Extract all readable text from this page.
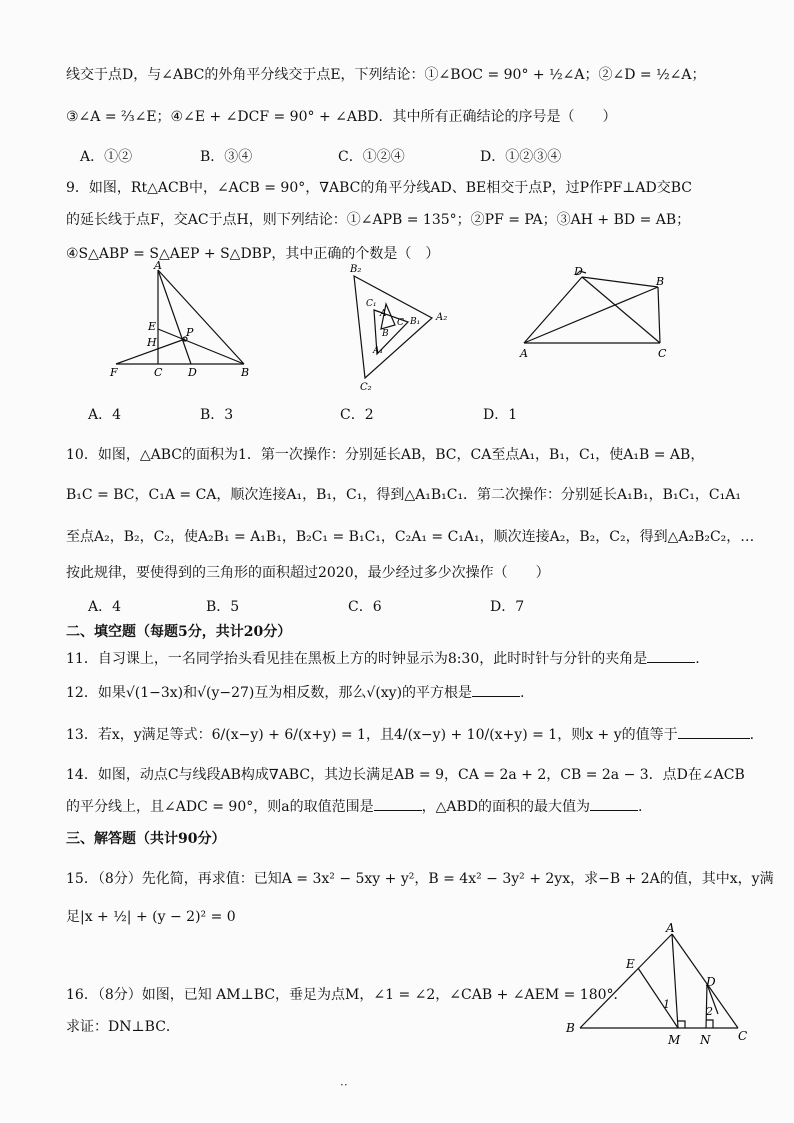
线交于点D，与∠ABC的外角平分线交于点E，下列结论：①∠BOC = 90° + ½∠A；②∠D = ½∠A；
③∠A = ⅔∠E；④∠E + ∠DCF = 90° + ∠ABD．其中所有正确结论的序号是（　　）
A．①②	B．③④	C．①②④	D．①②③④
9．如图，Rt△ACB中，∠ACB = 90°，∇ABC的角平分线AD、BE相交于点P，过P作PF⊥AD交BC
的延长线于点F，交AC于点H，则下列结论：①∠APB = 135°；②PF = PA；③AH + BD = AB；
④S△ABP = S△AEP + S△DBP，其中正确的个数是（　）
A
E
H
P
F	C D	B
B₂
C₁
A
B
C	A₂
A₁
B₁
C₂
D
B
A	C
A．4	B．3	C．2	D．1
10．如图，△ABC的面积为1．第一次操作：分别延长AB，BC，CA至点A₁，B₁，C₁，使A₁B = AB，
B₁C = BC，C₁A = CA，顺次连接A₁，B₁，C₁，得到△A₁B₁C₁．第二次操作：分别延长A₁B₁，B₁C₁，C₁A₁
至点A₂，B₂，C₂，使A₂B₁ = A₁B₁，B₂C₁ = B₁C₁，C₂A₁ = C₁A₁，顺次连接A₂，B₂，C₂，得到△A₂B₂C₂，…
按此规律，要使得到的三角形的面积超过2020，最少经过多少次操作（　　）
A．4	B．5	C．6	D．7
二、填空题（每题5分，共计20分）
11．自习课上，一名同学抬头看见挂在黑板上方的时钟显示为8:30，此时时针与分针的夹角是	.
12．如果√(1−3x)和√(y−27)互为相反数，那么√(xy)的平方根是	.
13．若x，y满足等式：6/(x−y) + 6/(x+y) = 1，且4/(x−y) + 10/(x+y) = 1，则x + y的值等于	.
14．如图，动点C与线段AB构成∇ABC，其边长满足AB = 9，CA = 2a + 2，CB = 2a − 3．点D在∠ACB
的平分线上，且∠ADC = 90°，则a的取值范围是	，△ABD的面积的最大值为	.
三、解答题（共计90分）
15．（8分）先化简，再求值：已知A = 3x² − 5xy + y²，B = 4x² − 3y² + 2yx，求−B + 2A的值，其中x，y满
足|x + ½| + (y − 2)² = 0
16．（8分）如图，已知 AM⊥BC，垂足为点M，∠1 = ∠2，∠CAB + ∠AEM = 180°．
求证：DN⊥BC．
A
E
D
B
M N C
1
2
··
